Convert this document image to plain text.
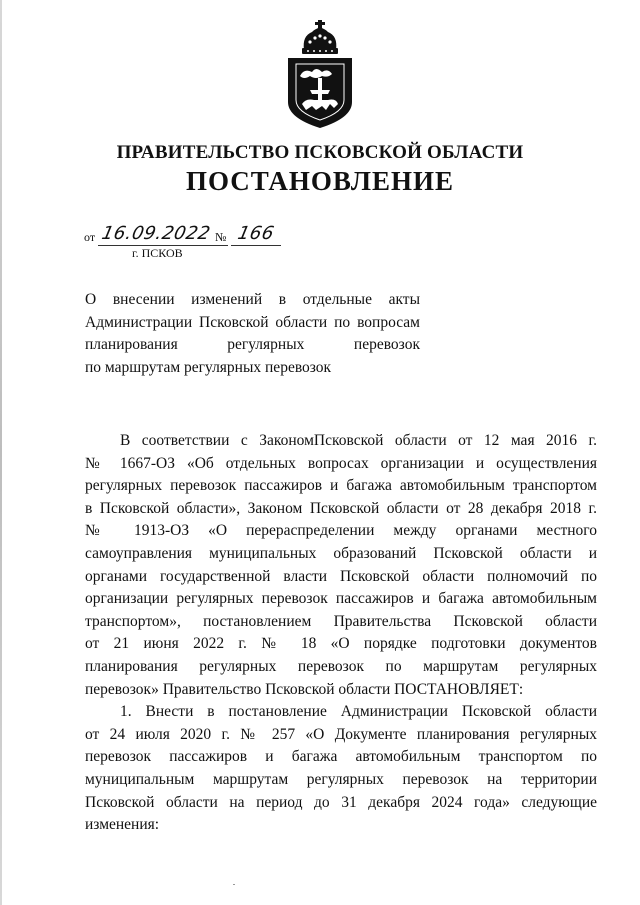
ПРАВИТЕЛЬСТВО ПСКОВСКОЙ ОБЛАСТИ
ПОСТАНОВЛЕНИЕ
от 16.09.2022 № 166
г. ПСКОВ
О внесении изменений в отдельные акты
Администрации Псковской области по вопросам
планирования регулярных перевозок
по маршрутам регулярных перевозок
В соответствии с ЗакономПсковской области от 12 мая 2016 г.
№ 1667-ОЗ «Об отдельных вопросах организации и осуществления
регулярных перевозок пассажиров и багажа автомобильным транспортом
в Псковской области», Законом Псковской области от 28 декабря 2018 г.
№ 1913-ОЗ «О перераспределении между органами местного
самоуправления муниципальных образований Псковской области и
органами государственной власти Псковской области полномочий по
организации регулярных перевозок пассажиров и багажа автомобильным
транспортом», постановлением Правительства Псковской области
от 21 июня 2022 г. № 18 «О порядке подготовки документов
планирования регулярных перевозок по маршрутам регулярных
перевозок» Правительство Псковской области ПОСТАНОВЛЯЕТ:
1. Внести в постановление Администрации Псковской области
от 24 июля 2020 г. № 257 «О Документе планирования регулярных
перевозок пассажиров и багажа автомобильным транспортом по
муниципальным маршрутам регулярных перевозок на территории
Псковской области на период до 31 декабря 2024 года» следующие
изменения:
